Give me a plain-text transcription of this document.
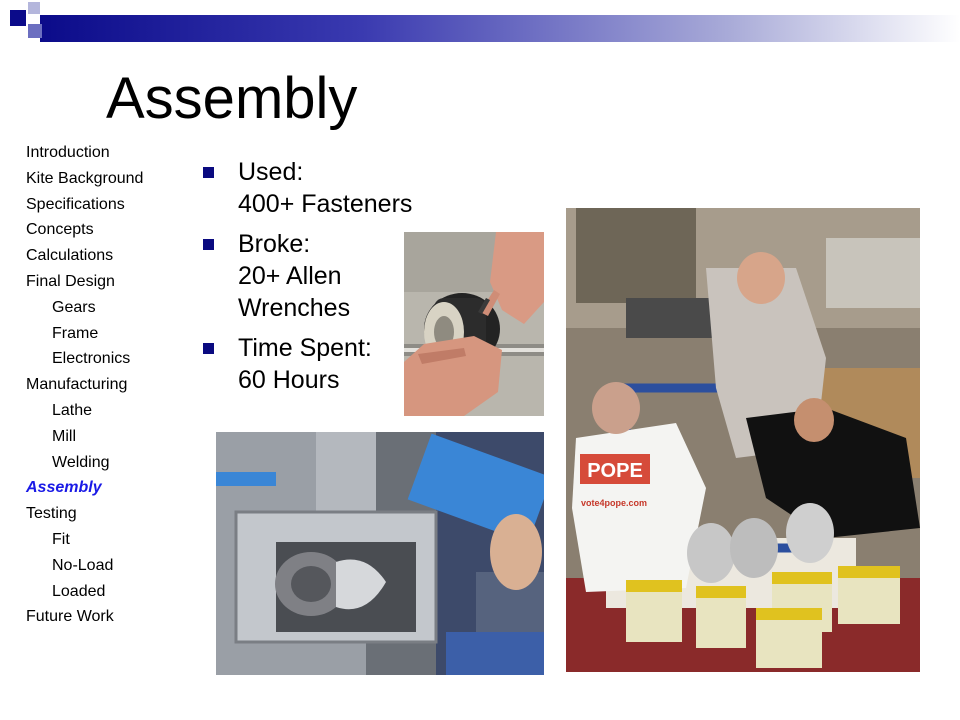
Assembly
Introduction
Kite Background
Specifications
Concepts
Calculations
Final Design
Gears
Frame
Electronics
Manufacturing
Lathe
Mill
Welding
Assembly
Testing
Fit
No-Load
Loaded
Future Work
Used:
400+ Fasteners
Broke:
20+ Allen Wrenches
Time Spent:
60 Hours
POPE
vote4pope.com
